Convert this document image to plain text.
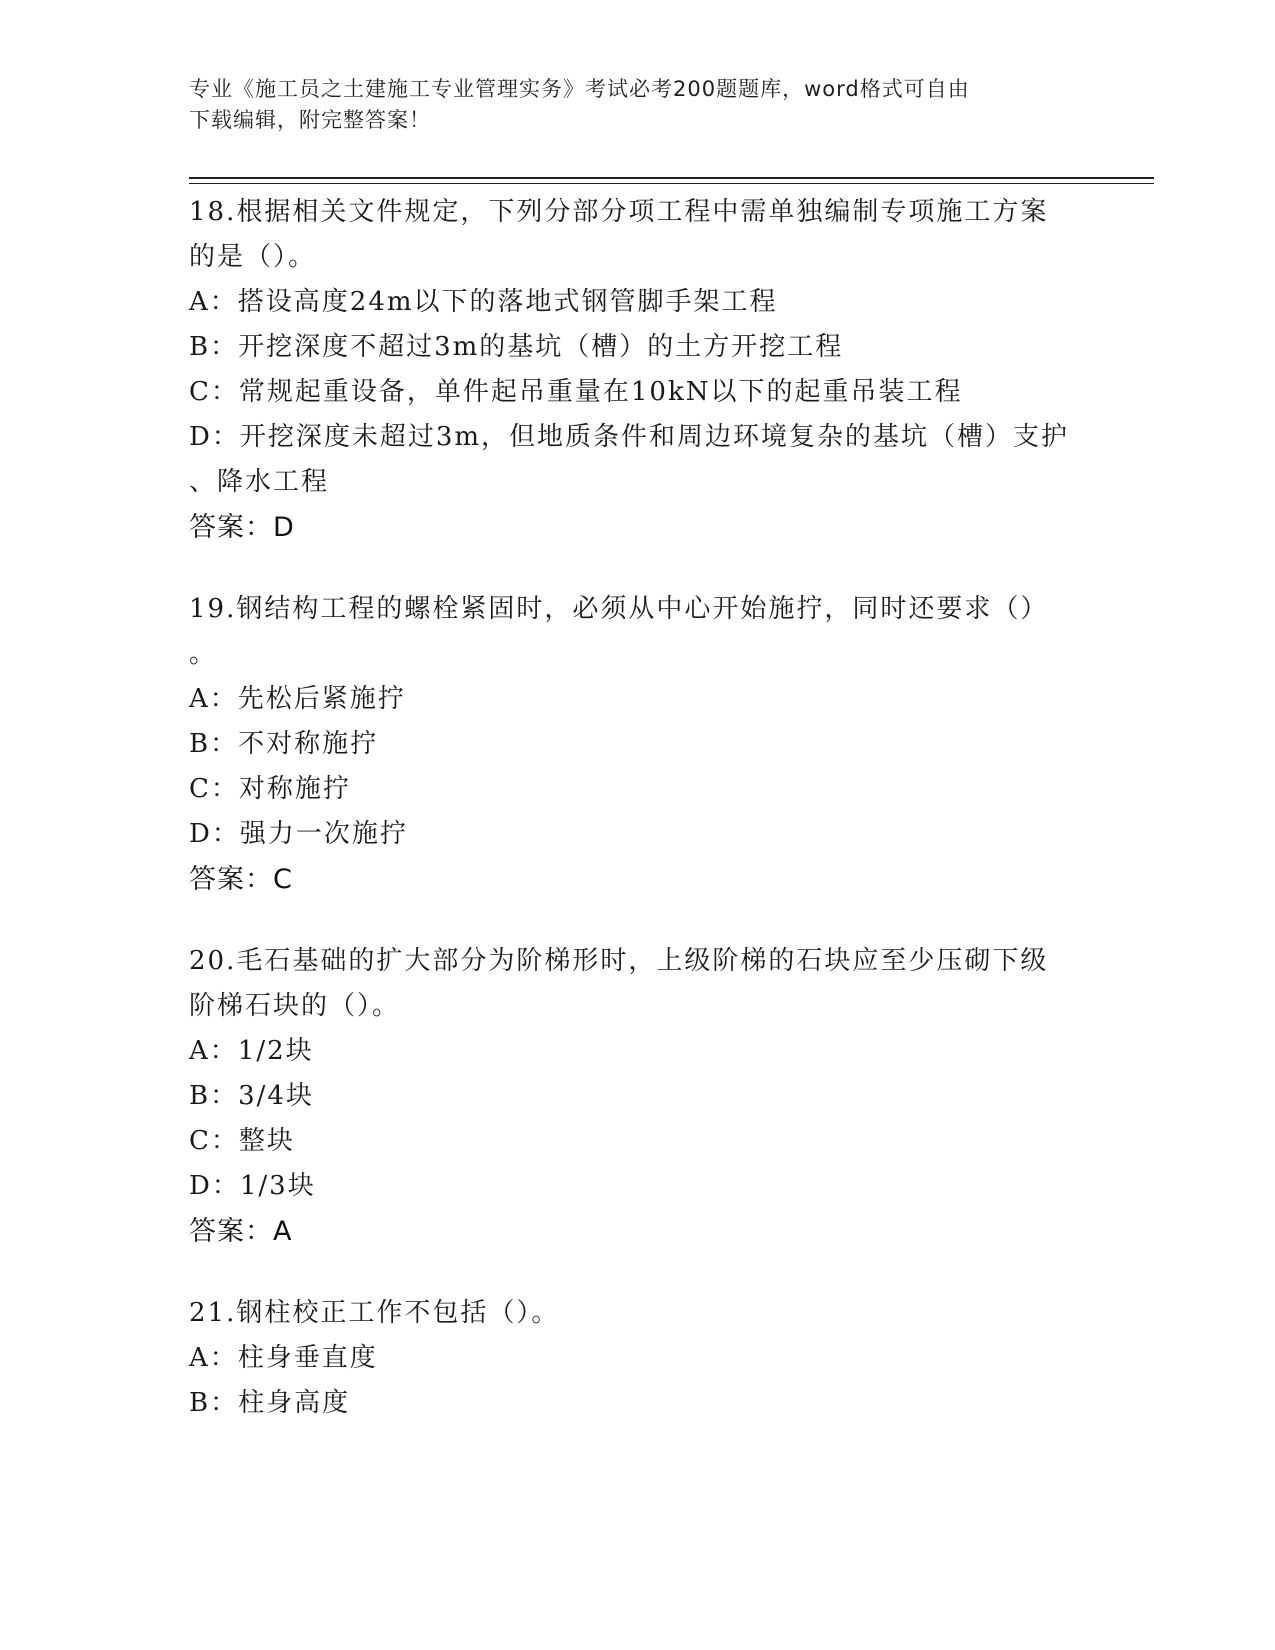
专业《施工员之土建施工专业管理实务》考试必考200题题库，word格式可自由
下载编辑，附完整答案！
18.根据相关文件规定，下列分部分项工程中需单独编制专项施工方案
的是（）。
A：搭设高度24m以下的落地式钢管脚手架工程
B：开挖深度不超过3m的基坑（槽）的土方开挖工程
C：常规起重设备，单件起吊重量在10kN以下的起重吊装工程
D：开挖深度未超过3m，但地质条件和周边环境复杂的基坑（槽）支护
、降水工程
答案：D
19.钢结构工程的螺栓紧固时，必须从中心开始施拧，同时还要求（）
。
A：先松后紧施拧
B：不对称施拧
C：对称施拧
D：强力一次施拧
答案：C
20.毛石基础的扩大部分为阶梯形时，上级阶梯的石块应至少压砌下级
阶梯石块的（）。
A：1/2块
B：3/4块
C：整块
D：1/3块
答案：A
21.钢柱校正工作不包括（）。
A：柱身垂直度
B：柱身高度
